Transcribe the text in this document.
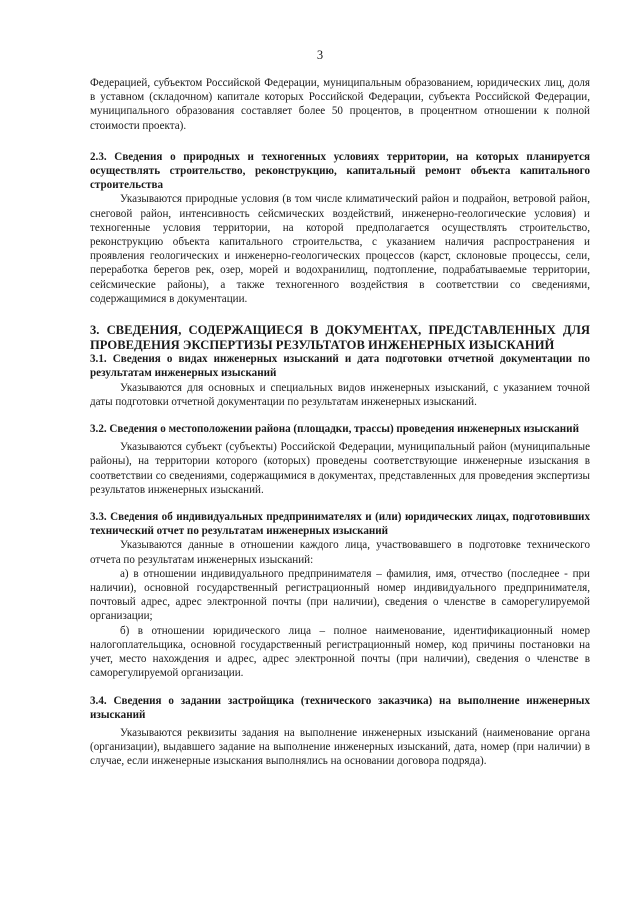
3

Федерацией, субъектом Российской Федерации, муниципальным образованием, юридических лиц, доля в уставном (складочном) капитале которых Российской Федерации, субъекта Российской Федерации, муниципального образования составляет более 50 процентов, в процентном отношении к полной стоимости проекта).

2.3. Сведения о природных и техногенных условиях территории, на которых планируется осуществлять строительство, реконструкцию, капитальный ремонт объекта капитального строительства

Указываются природные условия (в том числе климатический район и подрайон, ветровой район, снеговой район, интенсивность сейсмических воздействий, инженерно-геологические условия) и техногенные условия территории, на которой предполагается осуществлять строительство, реконструкцию объекта капитального строительства, с указанием наличия распространения и проявления геологических и инженерно-геологических процессов (карст, склоновые процессы, сели, переработка берегов рек, озер, морей и водохранилищ, подтопление, подрабатываемые территории, сейсмические районы), а также техногенного воздействия в соответствии со сведениями, содержащимися в документации.

3. СВЕДЕНИЯ, СОДЕРЖАЩИЕСЯ В ДОКУМЕНТАХ, ПРЕДСТАВЛЕННЫХ ДЛЯ ПРОВЕДЕНИЯ ЭКСПЕРТИЗЫ РЕЗУЛЬТАТОВ ИНЖЕНЕРНЫХ ИЗЫСКАНИЙ

3.1. Сведения о видах инженерных изысканий и дата подготовки отчетной документации по результатам инженерных изысканий

Указываются для основных и специальных видов инженерных изысканий, с указанием точной даты подготовки отчетной документации по результатам инженерных изысканий.

3.2. Сведения о местоположении района (площадки, трассы) проведения инженерных изысканий

Указываются субъект (субъекты) Российской Федерации, муниципальный район (муниципальные районы), на территории которого (которых) проведены соответствующие инженерные изыскания в соответствии со сведениями, содержащимися в документах, представленных для проведения экспертизы результатов инженерных изысканий.

3.3. Сведения об индивидуальных предпринимателях и (или) юридических лицах, подготовивших технический отчет по результатам инженерных изысканий

Указываются данные в отношении каждого лица, участвовавшего в подготовке технического отчета по результатам инженерных изысканий:

а) в отношении индивидуального предпринимателя – фамилия, имя, отчество (последнее - при наличии), основной государственный регистрационный номер индивидуального предпринимателя, почтовый адрес, адрес электронной почты (при наличии), сведения о членстве в саморегулируемой организации;

б) в отношении юридического лица – полное наименование, идентификационный номер налогоплательщика, основной государственный регистрационный номер, код причины постановки на учет, место нахождения и адрес, адрес электронной почты (при наличии), сведения о членстве в саморегулируемой организации.

3.4. Сведения о задании застройщика (технического заказчика) на выполнение инженерных изысканий

Указываются реквизиты задания на выполнение инженерных изысканий (наименование органа (организации), выдавшего задание на выполнение инженерных изысканий, дата, номер (при наличии) в случае, если инженерные изыскания выполнялись на основании договора подряда).
